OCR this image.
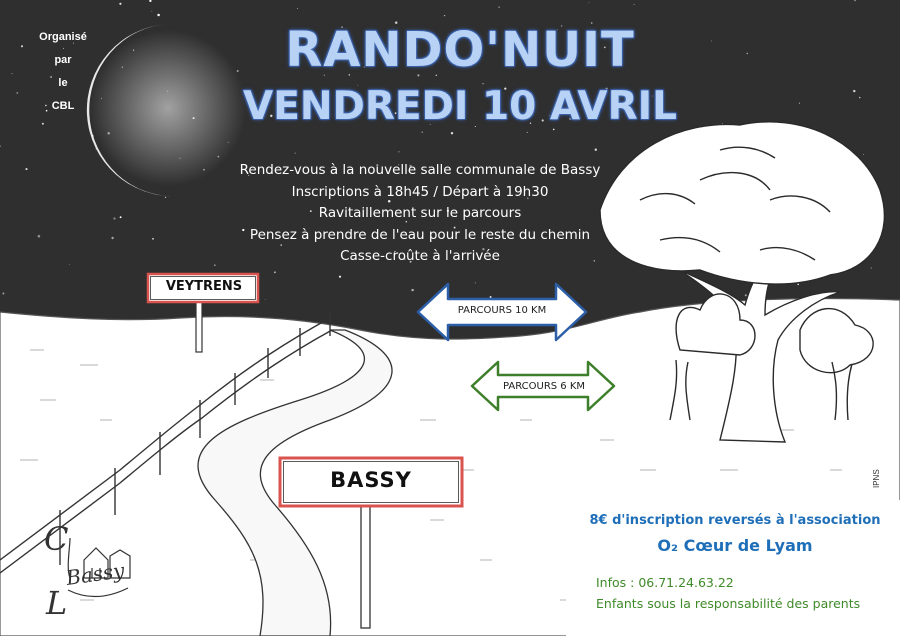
Organisé
par
le
CBL
RANDO'NUIT
VENDREDI 10 AVRIL
Rendez-vous à la nouvelle salle communale de Bassy
Inscriptions à 18h45 / Départ à 19h30
Ravitaillement sur le parcours
Pensez à prendre de l'eau pour le reste du chemin
Casse-croûte à l'arrivée
VEYTRENS
BASSY
PARCOURS 10 KM
PARCOURS 6 KM
IPNS
8€ d'inscription reversés à l'association
O₂ Cœur de Lyam
Infos : 06.71.24.63.22
Enfants sous la responsabilité des parents
C
L
Bassy
